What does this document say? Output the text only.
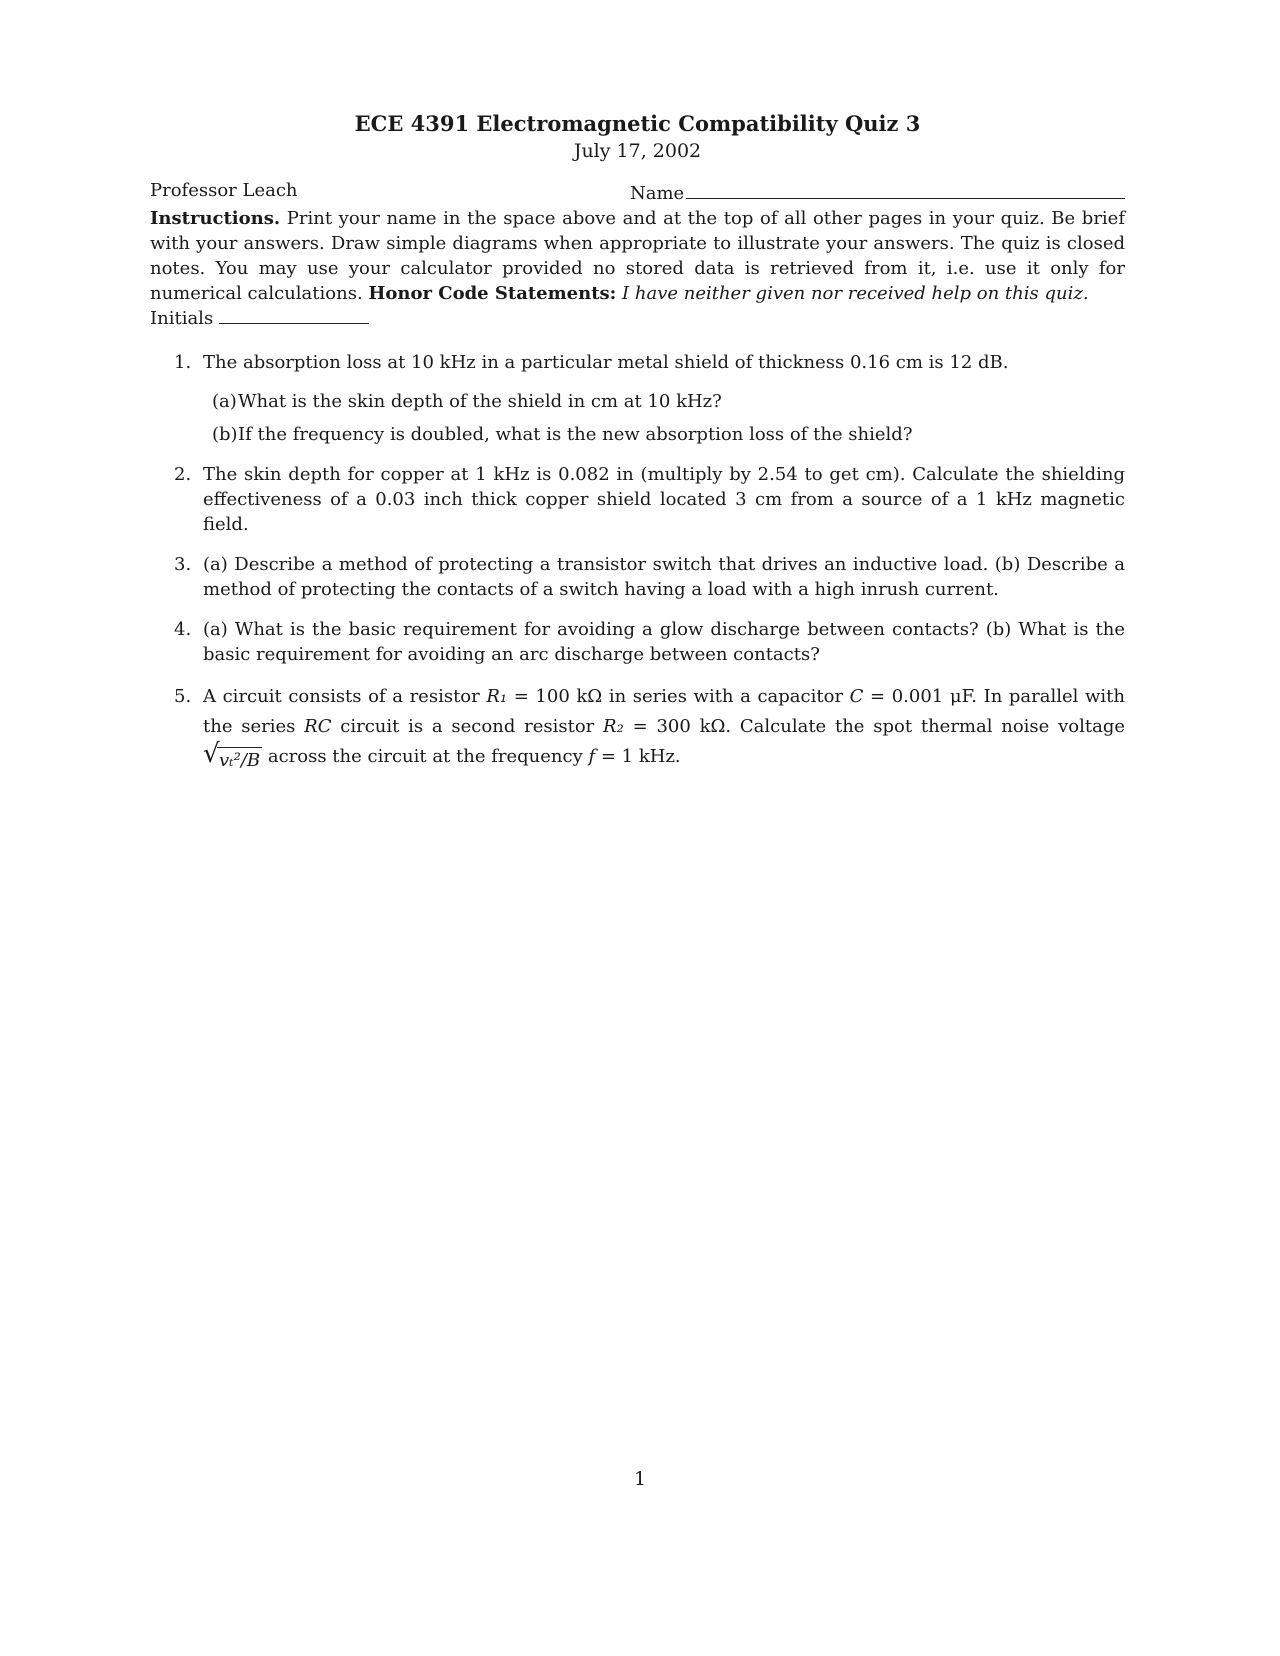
ECE 4391 Electromagnetic Compatibility Quiz 3
July 17, 2002
Professor Leach	Name
Instructions. Print your name in the space above and at the top of all other pages in your quiz. Be brief with your answers. Draw simple diagrams when appropriate to illustrate your answers. The quiz is closed notes. You may use your calculator provided no stored data is retrieved from it, i.e. use it only for numerical calculations. Honor Code Statements: I have neither given nor received help on this quiz.
Initials
1. The absorption loss at 10 kHz in a particular metal shield of thickness 0.16 cm is 12 dB.
(a) What is the skin depth of the shield in cm at 10 kHz?
(b) If the frequency is doubled, what is the new absorption loss of the shield?
2. The skin depth for copper at 1 kHz is 0.082 in (multiply by 2.54 to get cm). Calculate the shielding effectiveness of a 0.03 inch thick copper shield located 3 cm from a source of a 1 kHz magnetic field.
3. (a) Describe a method of protecting a transistor switch that drives an inductive load. (b) Describe a method of protecting the contacts of a switch having a load with a high inrush current.
4. (a) What is the basic requirement for avoiding a glow discharge between contacts? (b) What is the basic requirement for avoiding an arc discharge between contacts?
5. A circuit consists of a resistor R₁ = 100 kΩ in series with a capacitor C = 0.001 μF. In parallel with the series RC circuit is a second resistor R₂ = 300 kΩ. Calculate the spot thermal noise voltage
√ vₜ²/B across the circuit at the frequency f = 1 kHz.
1
